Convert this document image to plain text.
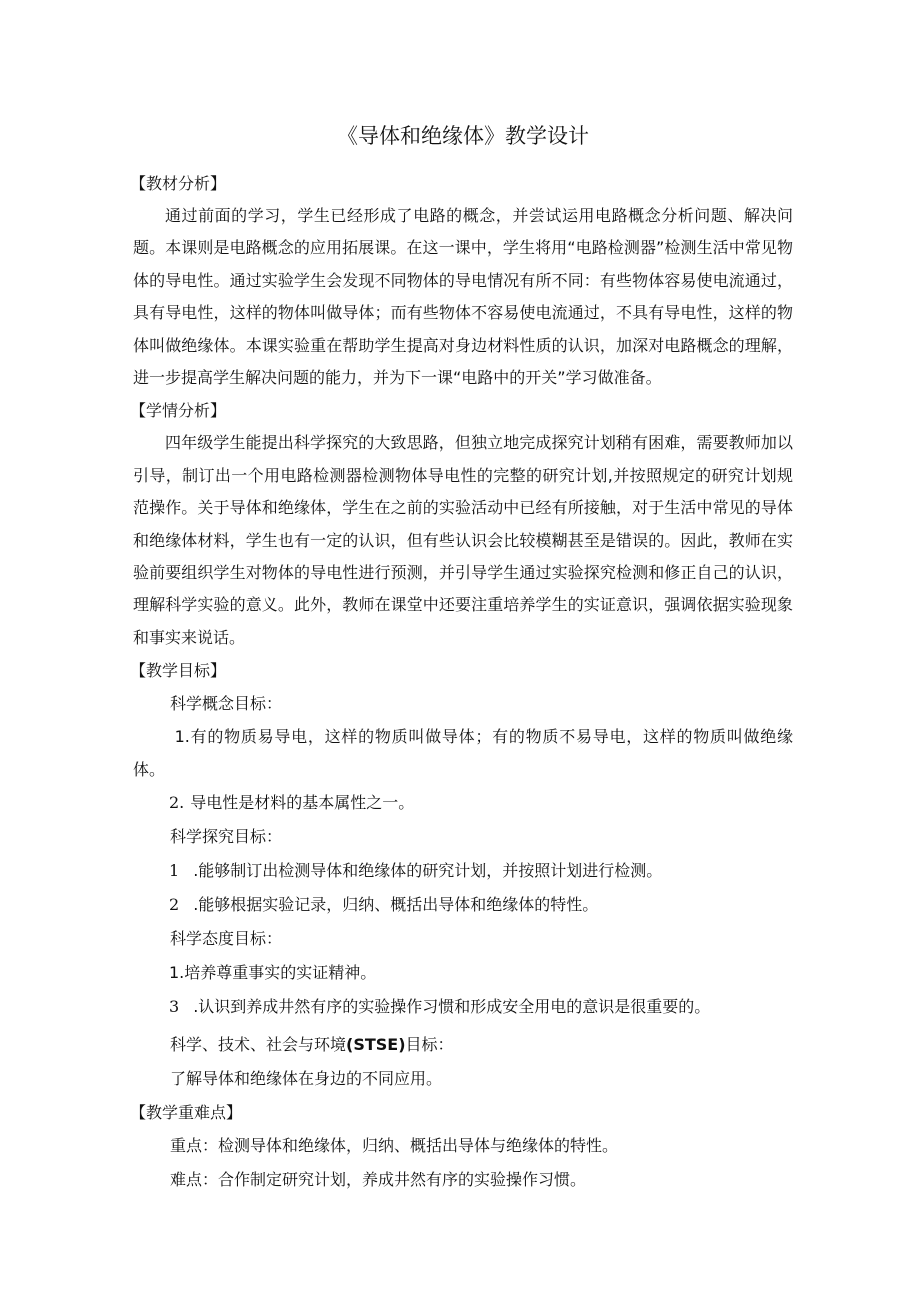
《导体和绝缘体》教学设计
【教材分析】

通过前面的学习，学生已经形成了电路的概念，并尝试运用电路概念分析问题、解决问题。本课则是电路概念的应用拓展课。在这一课中，学生将用“电路检测器”检测生活中常见物体的导电性。通过实验学生会发现不同物体的导电情况有所不同：有些物体容易使电流通过，具有导电性，这样的物体叫做导体；而有些物体不容易使电流通过，不具有导电性，这样的物体叫做绝缘体。本课实验重在帮助学生提高对身边材料性质的认识，加深对电路概念的理解，进一步提高学生解决问题的能力，并为下一课“电路中的开关”学习做准备。

【学情分析】

四年级学生能提出科学探究的大致思路，但独立地完成探究计划稍有困难，需要教师加以引导，制订出一个用电路检测器检测物体导电性的完整的研究计划,并按照规定的研究计划规范操作。关于导体和绝缘体，学生在之前的实验活动中已经有所接触，对于生活中常见的导体和绝缘体材料，学生也有一定的认识，但有些认识会比较模糊甚至是错误的。因此，教师在实验前要组织学生对物体的导电性进行预测，并引导学生通过实验探究检测和修正自己的认识，理解科学实验的意义。此外，教师在课堂中还要注重培养学生的实证意识，强调依据实验现象和事实来说话。

【教学目标】

科学概念目标：

1.有的物质易导电，这样的物质叫做导体；有的物质不易导电，这样的物质叫做绝缘体。

2. 导电性是材料的基本属性之一。

科学探究目标：

1 .能够制订出检测导体和绝缘体的研究计划，并按照计划进行检测。

2 .能够根据实验记录，归纳、概括出导体和绝缘体的特性。

科学态度目标：

1.培养尊重事实的实证精神。

3 .认识到养成井然有序的实验操作习惯和形成安全用电的意识是很重要的。

科学、技术、社会与环境(STSE)目标：

了解导体和绝缘体在身边的不同应用。

【教学重难点】

重点：检测导体和绝缘体，归纳、概括出导体与绝缘体的特性。

难点：合作制定研究计划，养成井然有序的实验操作习惯。
